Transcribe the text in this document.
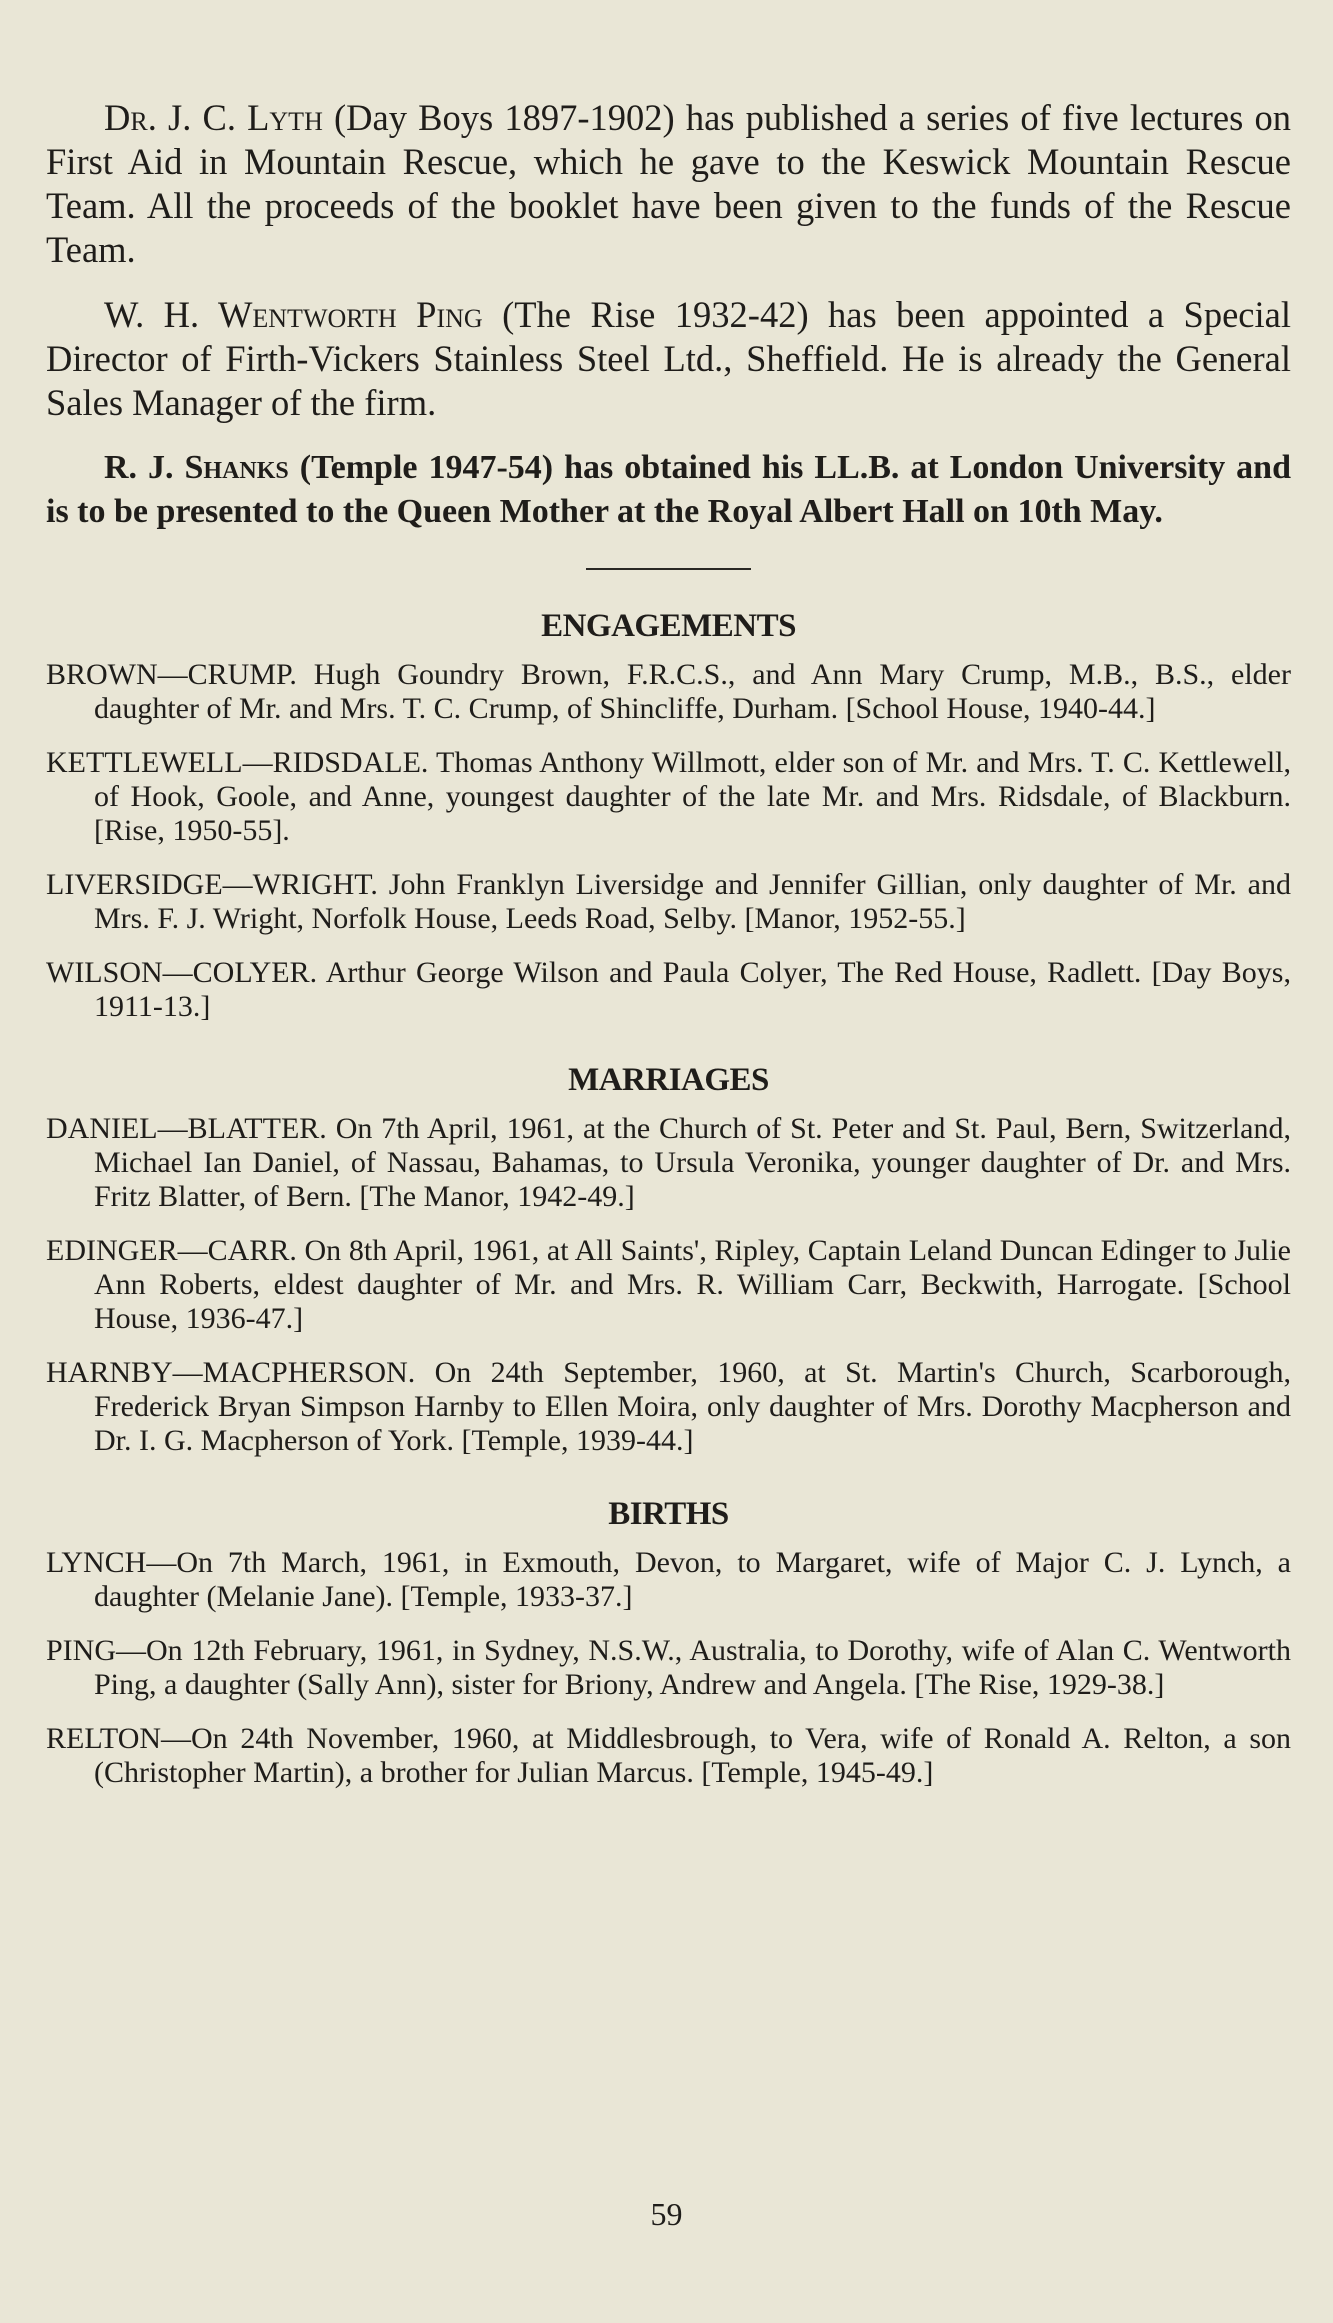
Dr. J. C. Lyth (Day Boys 1897-1902) has published a series of five lectures on First Aid in Mountain Rescue, which he gave to the Keswick Mountain Rescue Team. All the proceeds of the booklet have been given to the funds of the Rescue Team.

W. H. Wentworth Ping (The Rise 1932-42) has been appointed a Special Director of Firth-Vickers Stainless Steel Ltd., Sheffield. He is already the General Sales Manager of the firm.

R. J. Shanks (Temple 1947-54) has obtained his LL.B. at London University and is to be presented to the Queen Mother at the Royal Albert Hall on 10th May.

ENGAGEMENTS

BROWN—CRUMP. Hugh Goundry Brown, F.R.C.S., and Ann Mary Crump, M.B., B.S., elder daughter of Mr. and Mrs. T. C. Crump, of Shincliffe, Durham. [School House, 1940-44.]

KETTLEWELL—RIDSDALE. Thomas Anthony Willmott, elder son of Mr. and Mrs. T. C. Kettlewell, of Hook, Goole, and Anne, youngest daughter of the late Mr. and Mrs. Ridsdale, of Blackburn. [Rise, 1950-55].

LIVERSIDGE—WRIGHT. John Franklyn Liversidge and Jennifer Gillian, only daughter of Mr. and Mrs. F. J. Wright, Norfolk House, Leeds Road, Selby. [Manor, 1952-55.]

WILSON—COLYER. Arthur George Wilson and Paula Colyer, The Red House, Radlett. [Day Boys, 1911-13.]

MARRIAGES

DANIEL—BLATTER. On 7th April, 1961, at the Church of St. Peter and St. Paul, Bern, Switzerland, Michael Ian Daniel, of Nassau, Bahamas, to Ursula Veronika, younger daughter of Dr. and Mrs. Fritz Blatter, of Bern. [The Manor, 1942-49.]

EDINGER—CARR. On 8th April, 1961, at All Saints', Ripley, Captain Leland Duncan Edinger to Julie Ann Roberts, eldest daughter of Mr. and Mrs. R. William Carr, Beckwith, Harrogate. [School House, 1936-47.]

HARNBY—MACPHERSON. On 24th September, 1960, at St. Martin's Church, Scarborough, Frederick Bryan Simpson Harnby to Ellen Moira, only daughter of Mrs. Dorothy Macpherson and Dr. I. G. Macpherson of York. [Temple, 1939-44.]

BIRTHS

LYNCH—On 7th March, 1961, in Exmouth, Devon, to Margaret, wife of Major C. J. Lynch, a daughter (Melanie Jane). [Temple, 1933-37.]

PING—On 12th February, 1961, in Sydney, N.S.W., Australia, to Dorothy, wife of Alan C. Wentworth Ping, a daughter (Sally Ann), sister for Briony, Andrew and Angela. [The Rise, 1929-38.]

RELTON—On 24th November, 1960, at Middlesbrough, to Vera, wife of Ronald A. Relton, a son (Christopher Martin), a brother for Julian Marcus. [Temple, 1945-49.]

59
